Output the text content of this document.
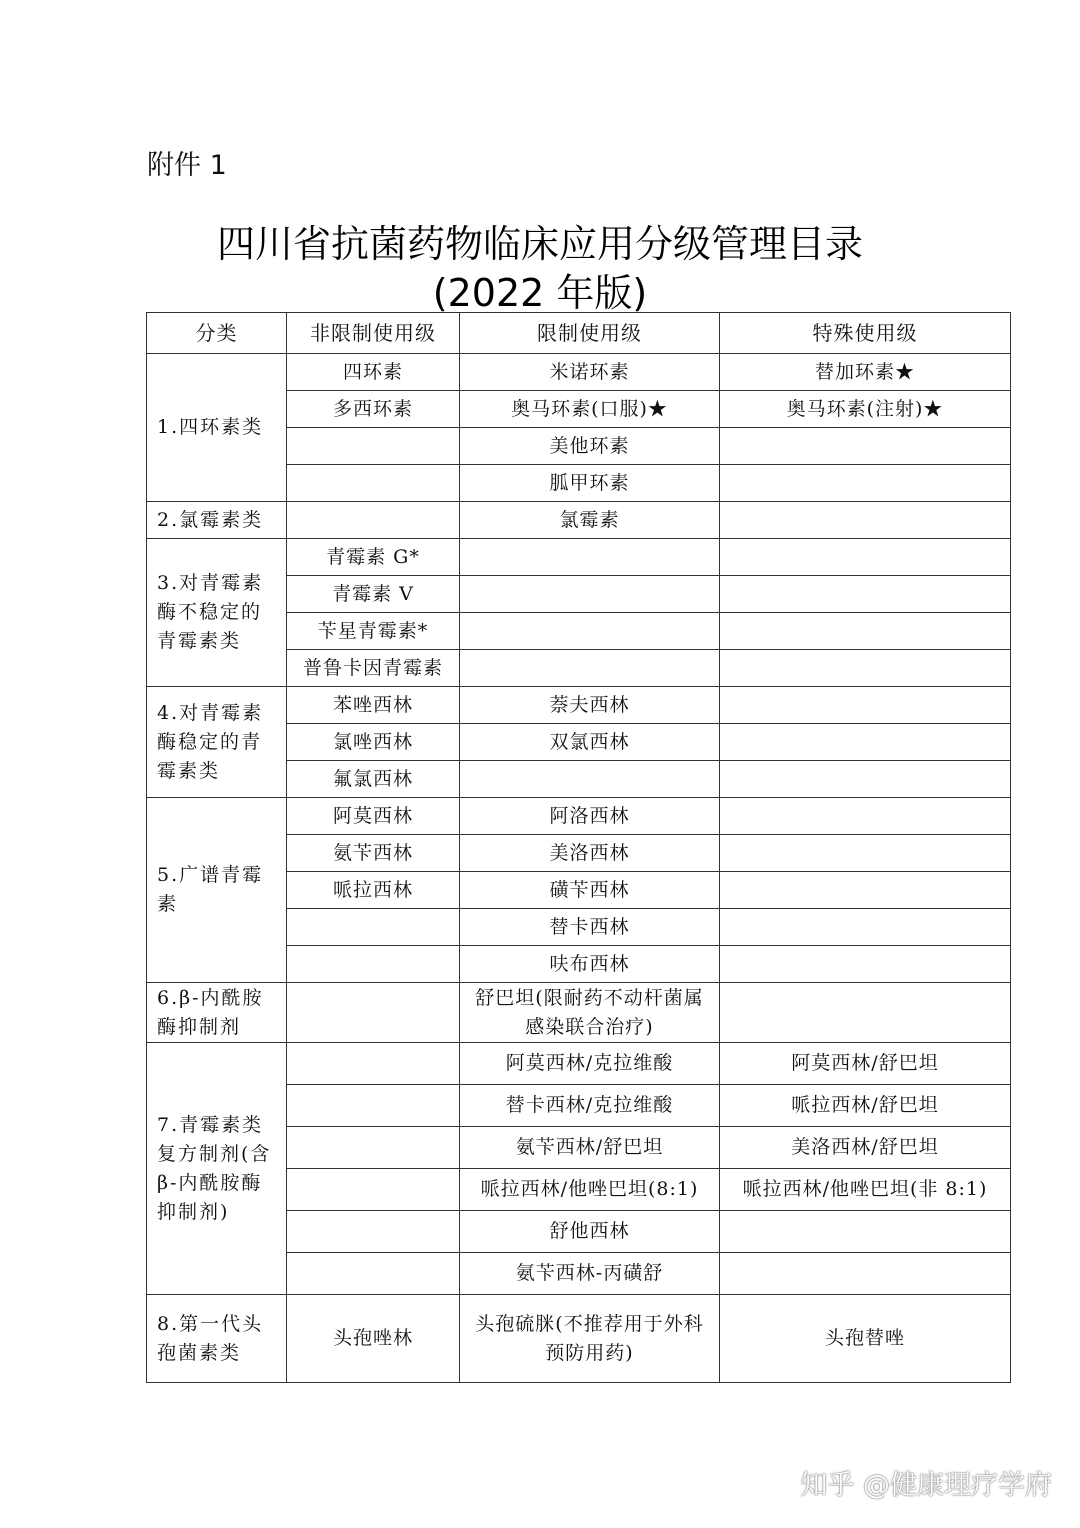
附件 1
四川省抗菌药物临床应用分级管理目录
(2022 年版)
分类	非限制使用级	限制使用级	特殊使用级
1.四环素类	四环素	米诺环素	替加环素★
	多西环素	奥马环素(口服)★	奥马环素(注射)★
		美他环素	
		胍甲环素	
2.氯霉素类		氯霉素	
3.对青霉素酶不稳定的青霉素类	青霉素 G*		
	青霉素 V		
	苄星青霉素*		
	普鲁卡因青霉素		
4.对青霉素酶稳定的青霉素类	苯唑西林	萘夫西林	
	氯唑西林	双氯西林	
	氟氯西林		
5.广谱青霉素	阿莫西林	阿洛西林	
	氨苄西林	美洛西林	
	哌拉西林	磺苄西林	
		替卡西林	
		呋布西林	
6.β-内酰胺酶抑制剂		舒巴坦(限耐药不动杆菌属感染联合治疗)	
7.青霉素类复方制剂(含β-内酰胺酶抑制剂)		阿莫西林/克拉维酸	阿莫西林/舒巴坦
		替卡西林/克拉维酸	哌拉西林/舒巴坦
		氨苄西林/舒巴坦	美洛西林/舒巴坦
		哌拉西林/他唑巴坦(8:1)	哌拉西林/他唑巴坦(非 8:1)
		舒他西林	
		氨苄西林-丙磺舒	
8.第一代头孢菌素类	头孢唑林	头孢硫脒(不推荐用于外科预防用药)	头孢替唑
知乎 @健康理疗学府
